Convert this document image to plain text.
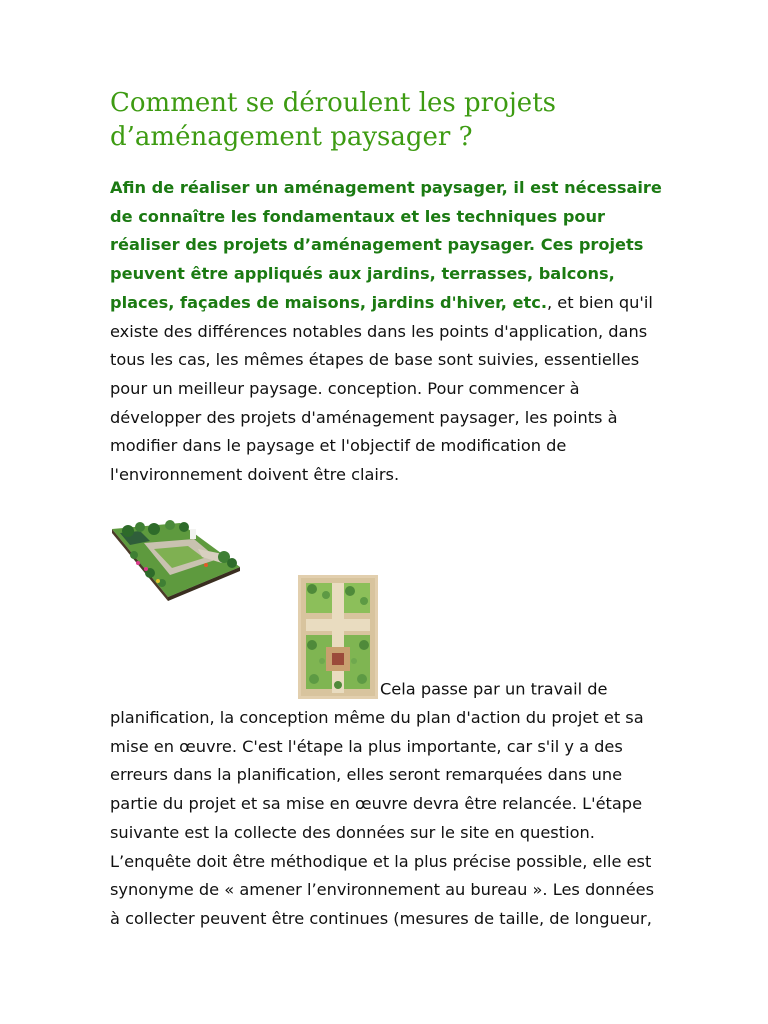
Comment se déroulent les projets d’aménagement paysager ?

Afin de réaliser un aménagement paysager, il est nécessaire de connaître les fondamentaux et les techniques pour réaliser des projets d’aménagement paysager. Ces projets peuvent être appliqués aux jardins, terrasses, balcons, places, façades de maisons, jardins d'hiver, etc., et bien qu'il existe des différences notables dans les points d'application, dans tous les cas, les mêmes étapes de base sont suivies, essentielles pour un meilleur paysage. conception. Pour commencer à développer des projets d'aménagement paysager, les points à modifier dans le paysage et l'objectif de modification de l'environnement doivent être clairs.

Cela passe par un travail de planification, la conception même du plan d'action du projet et sa mise en œuvre. C'est l'étape la plus importante, car s'il y a des erreurs dans la planification, elles seront remarquées dans une partie du projet et sa mise en œuvre devra être relancée. L'étape suivante est la collecte des données sur le site en question. L’enquête doit être méthodique et la plus précise possible, elle est synonyme de « amener l’environnement au bureau ». Les données à collecter peuvent être continues (mesures de taille, de longueur,
